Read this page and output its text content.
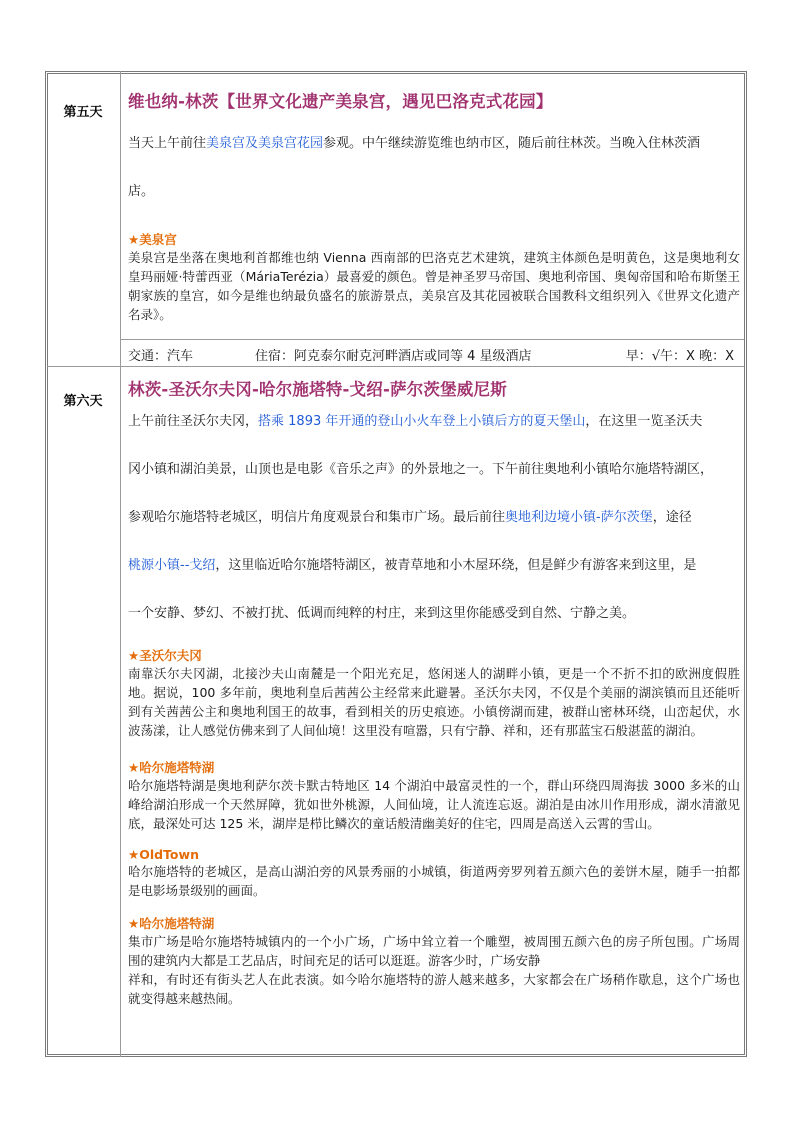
第五天
维也纳-林茨【世界文化遗产美泉宫，遇见巴洛克式花园】
当天上午前往美泉宫及美泉宫花园参观。中午继续游览维也纳市区，随后前往林茨。当晚入住林茨酒
店。
★美泉宫
美泉宫是坐落在奥地利首都维也纳 Vienna 西南部的巴洛克艺术建筑，建筑主体颜色是明黄色，这是奥地利女皇玛丽娅·特蕾西亚（MáriaTerézia）最喜爱的颜色。曾是神圣罗马帝国、奥地利帝国、奥匈帝国和哈布斯堡王朝家族的皇宫，如今是维也纳最负盛名的旅游景点，美泉宫及其花园被联合国教科文组织列入《世界文化遗产名录》。
交通：汽车	住宿：阿克泰尔耐克河畔酒店或同等 4 星级酒店	早：√午：X 晚：X
第六天
林茨-圣沃尔夫冈-哈尔施塔特-戈绍-萨尔茨堡威尼斯
上午前往圣沃尔夫冈，搭乘 1893 年开通的登山小火车登上小镇后方的夏天堡山，在这里一览圣沃夫
冈小镇和湖泊美景，山顶也是电影《音乐之声》的外景地之一。下午前往奥地利小镇哈尔施塔特湖区，
参观哈尔施塔特老城区，明信片角度观景台和集市广场。最后前往奥地利边境小镇-萨尔茨堡，途径
桃源小镇--戈绍，这里临近哈尔施塔特湖区，被青草地和小木屋环绕，但是鲜少有游客来到这里，是
一个安静、梦幻、不被打扰、低调而纯粹的村庄，来到这里你能感受到自然、宁静之美。
★圣沃尔夫冈
南靠沃尔夫冈湖，北接沙夫山南麓是一个阳光充足，悠闲迷人的湖畔小镇，更是一个不折不扣的欧洲度假胜地。据说，100 多年前，奥地利皇后茜茜公主经常来此避暑。圣沃尔夫冈，不仅是个美丽的湖滨镇而且还能听到有关茜茜公主和奥地利国王的故事，看到相关的历史痕迹。小镇傍湖而建，被群山密林环绕，山峦起伏，水波荡漾，让人感觉仿佛来到了人间仙境！这里没有喧嚣，只有宁静、祥和，还有那蓝宝石般湛蓝的湖泊。
★哈尔施塔特湖
哈尔施塔特湖是奥地利萨尔茨卡默古特地区 14 个湖泊中最富灵性的一个，群山环绕四周海拔 3000 多米的山峰给湖泊形成一个天然屏障，犹如世外桃源，人间仙境，让人流连忘返。湖泊是由冰川作用形成，湖水清澈见底，最深处可达 125 米，湖岸是栉比鳞次的童话般清幽美好的住宅，四周是高送入云霄的雪山。
★OldTown
哈尔施塔特的老城区，是高山湖泊旁的风景秀丽的小城镇，街道两旁罗列着五颜六色的姜饼木屋，随手一拍都是电影场景级别的画面。
★哈尔施塔特湖
集市广场是哈尔施塔特城镇内的一个小广场，广场中耸立着一个雕塑，被周围五颜六色的房子所包围。广场周围的建筑内大都是工艺品店，时间充足的话可以逛逛。游客少时，广场安静
祥和，有时还有街头艺人在此表演。如今哈尔施塔特的游人越来越多，大家都会在广场稍作歇息，这个广场也就变得越来越热闹。
